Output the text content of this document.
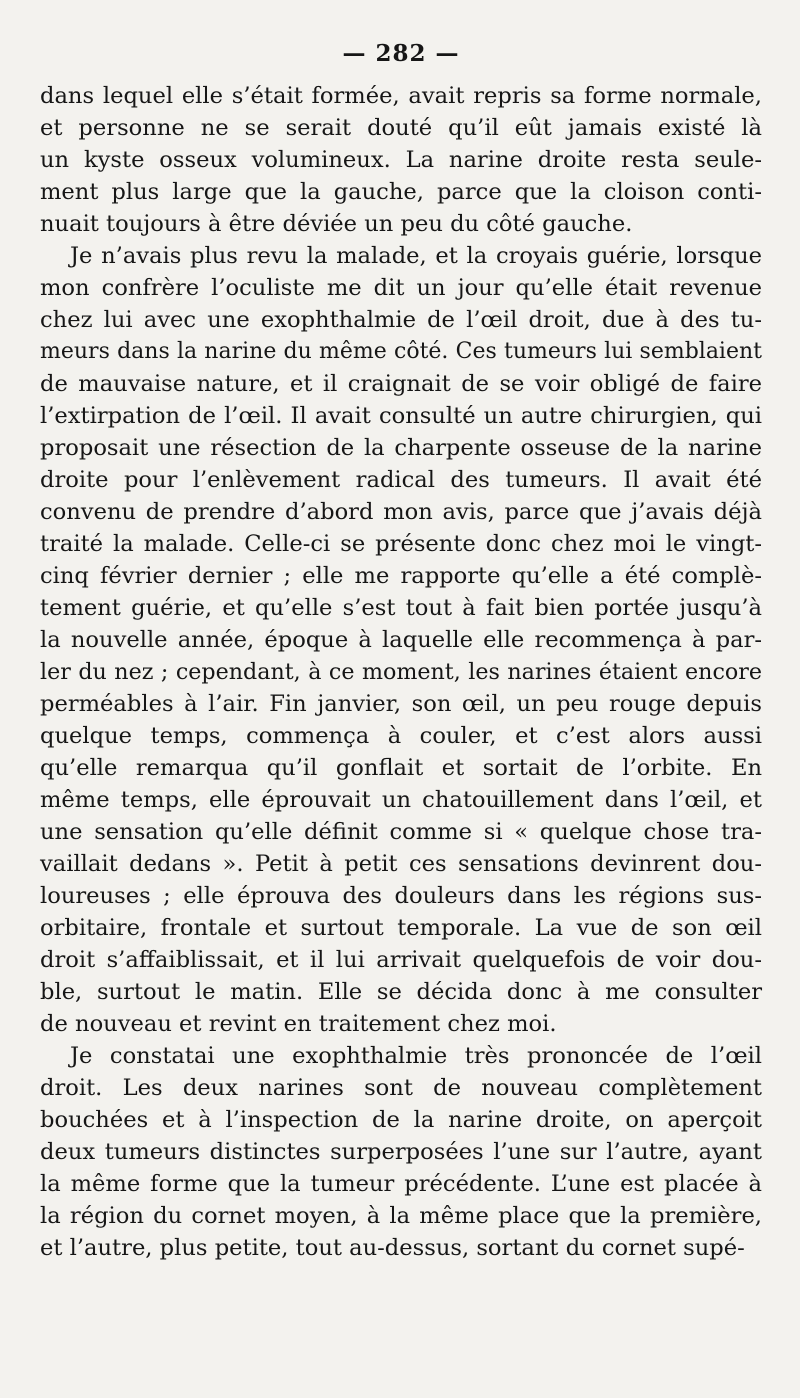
— 282 —
dans lequel elle s’était formée, avait repris sa forme normale,
et personne ne se serait douté qu’il eût jamais existé là
un kyste osseux volumineux. La narine droite resta seule-
ment plus large que la gauche, parce que la cloison conti-
nuait toujours à être déviée un peu du côté gauche.
Je n’avais plus revu la malade, et la croyais guérie, lorsque
mon confrère l’oculiste me dit un jour qu’elle était revenue
chez lui avec une exophthalmie de l’œil droit, due à des tu-
meurs dans la narine du même côté. Ces tumeurs lui semblaient
de mauvaise nature, et il craignait de se voir obligé de faire
l’extirpation de l’œil. Il avait consulté un autre chirurgien, qui
proposait une résection de la charpente osseuse de la narine
droite pour l’enlèvement radical des tumeurs. Il avait été
convenu de prendre d’abord mon avis, parce que j’avais déjà
traité la malade. Celle-ci se présente donc chez moi le vingt-
cinq février dernier ; elle me rapporte qu’elle a été complè-
tement guérie, et qu’elle s’est tout à fait bien portée jusqu’à
la nouvelle année, époque à laquelle elle recommença à par-
ler du nez ; cependant, à ce moment, les narines étaient encore
perméables à l’air. Fin janvier, son œil, un peu rouge depuis
quelque temps, commença à couler, et c’est alors aussi
qu’elle remarqua qu’il gonflait et sortait de l’orbite. En
même temps, elle éprouvait un chatouillement dans l’œil, et
une sensation qu’elle définit comme si « quelque chose tra-
vaillait dedans ». Petit à petit ces sensations devinrent dou-
loureuses ; elle éprouva des douleurs dans les régions sus-
orbitaire, frontale et surtout temporale. La vue de son œil
droit s’affaiblissait, et il lui arrivait quelquefois de voir dou-
ble, surtout le matin. Elle se décida donc à me consulter
de nouveau et revint en traitement chez moi.
Je constatai une exophthalmie très prononcée de l’œil
droit. Les deux narines sont de nouveau complètement
bouchées et à l’inspection de la narine droite, on aperçoit
deux tumeurs distinctes surperposées l’une sur l’autre, ayant
la même forme que la tumeur précédente. L’une est placée à
la région du cornet moyen, à la même place que la première,
et l’autre, plus petite, tout au-dessus, sortant du cornet supé-
